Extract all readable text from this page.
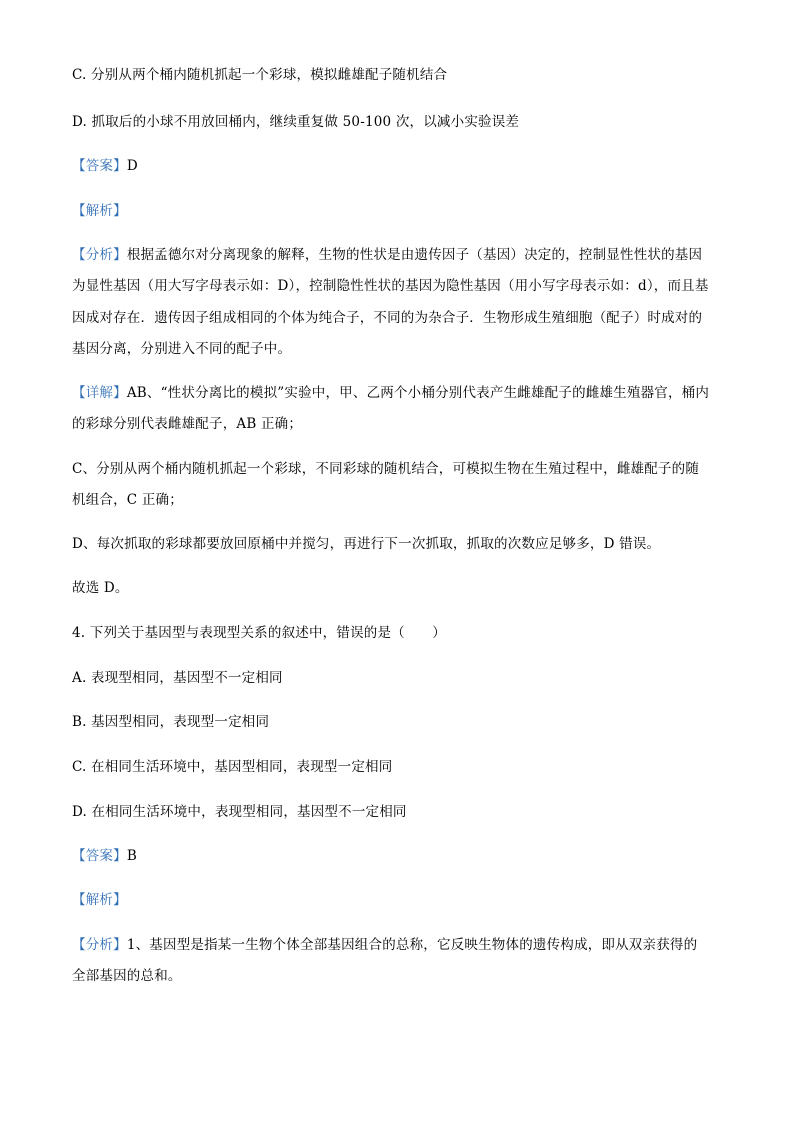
C. 分别从两个桶内随机抓起一个彩球，模拟雌雄配子随机结合
D. 抓取后的小球不用放回桶内，继续重复做 50-100 次，以减小实验误差
【答案】D
【解析】
【分析】根据孟德尔对分离现象的解释，生物的性状是由遗传因子（基因）决定的，控制显性性状的基因
为显性基因（用大写字母表示如：D），控制隐性性状的基因为隐性基因（用小写字母表示如：d），而且基
因成对存在．遗传因子组成相同的个体为纯合子，不同的为杂合子．生物形成生殖细胞（配子）时成对的
基因分离，分别进入不同的配子中。
【详解】AB、“性状分离比的模拟”实验中，甲、乙两个小桶分别代表产生雌雄配子的雌雄生殖器官，桶内
的彩球分别代表雌雄配子，AB 正确；
C、分别从两个桶内随机抓起一个彩球，不同彩球的随机结合，可模拟生物在生殖过程中，雌雄配子的随
机组合，C 正确；
D、每次抓取的彩球都要放回原桶中并搅匀，再进行下一次抓取，抓取的次数应足够多，D 错误。
故选 D。
4. 下列关于基因型与表现型关系的叙述中，错误的是（　　）
A. 表现型相同，基因型不一定相同
B. 基因型相同，表现型一定相同
C. 在相同生活环境中，基因型相同，表现型一定相同
D. 在相同生活环境中，表现型相同，基因型不一定相同
【答案】B
【解析】
【分析】1、基因型是指某一生物个体全部基因组合的总称，它反映生物体的遗传构成，即从双亲获得的
全部基因的总和。
